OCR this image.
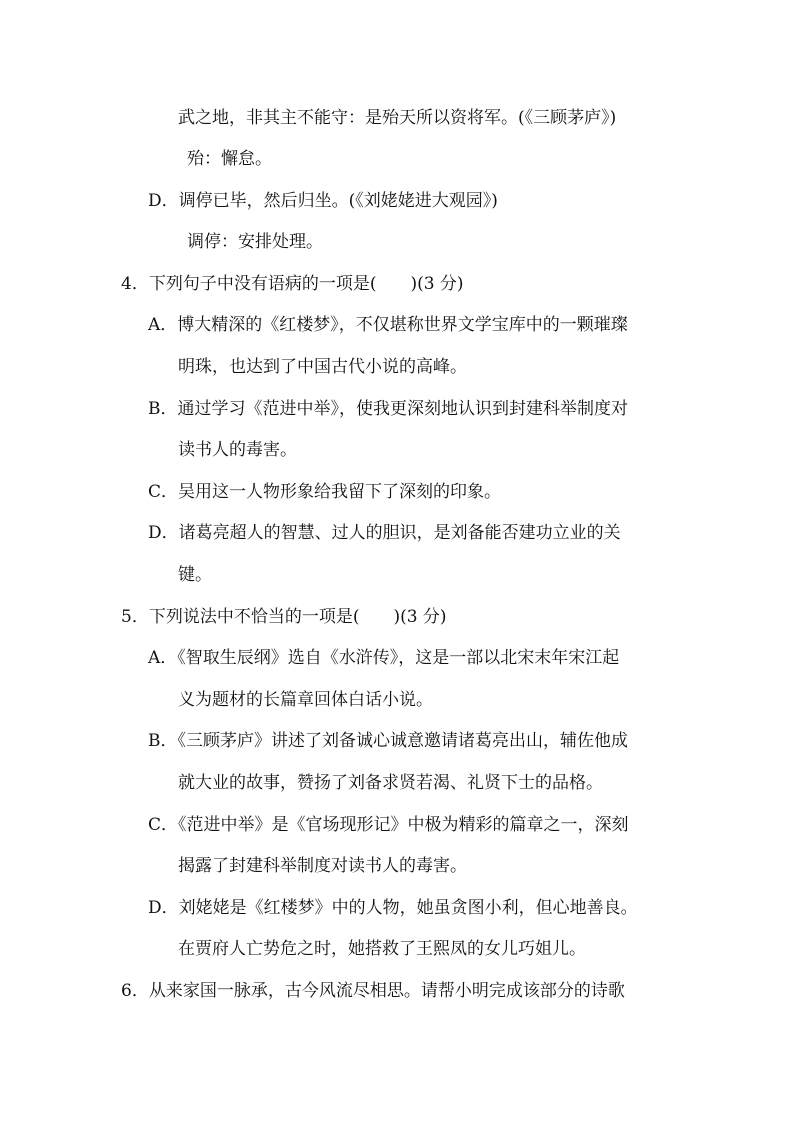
武之地，非其主不能守：是殆天所以资将军。(《三顾茅庐》)
殆：懈怠。
D．调停已毕，然后归坐。(《刘姥姥进大观园》)
调停：安排处理。
4．下列句子中没有语病的一项是(　　)(3 分)
A．博大精深的《红楼梦》，不仅堪称世界文学宝库中的一颗璀璨
明珠，也达到了中国古代小说的高峰。
B．通过学习《范进中举》，使我更深刻地认识到封建科举制度对
读书人的毒害。
C．吴用这一人物形象给我留下了深刻的印象。
D．诸葛亮超人的智慧、过人的胆识，是刘备能否建功立业的关
键。
5．下列说法中不恰当的一项是(　　)(3 分)
A．《智取生辰纲》选自《水浒传》，这是一部以北宋末年宋江起
义为题材的长篇章回体白话小说。
B．《三顾茅庐》讲述了刘备诚心诚意邀请诸葛亮出山，辅佐他成
就大业的故事，赞扬了刘备求贤若渴、礼贤下士的品格。
C．《范进中举》是《官场现形记》中极为精彩的篇章之一，深刻
揭露了封建科举制度对读书人的毒害。
D．刘姥姥是《红楼梦》中的人物，她虽贪图小利，但心地善良。
在贾府人亡势危之时，她搭救了王熙凤的女儿巧姐儿。
6．从来家国一脉承，古今风流尽相思。请帮小明完成该部分的诗歌
